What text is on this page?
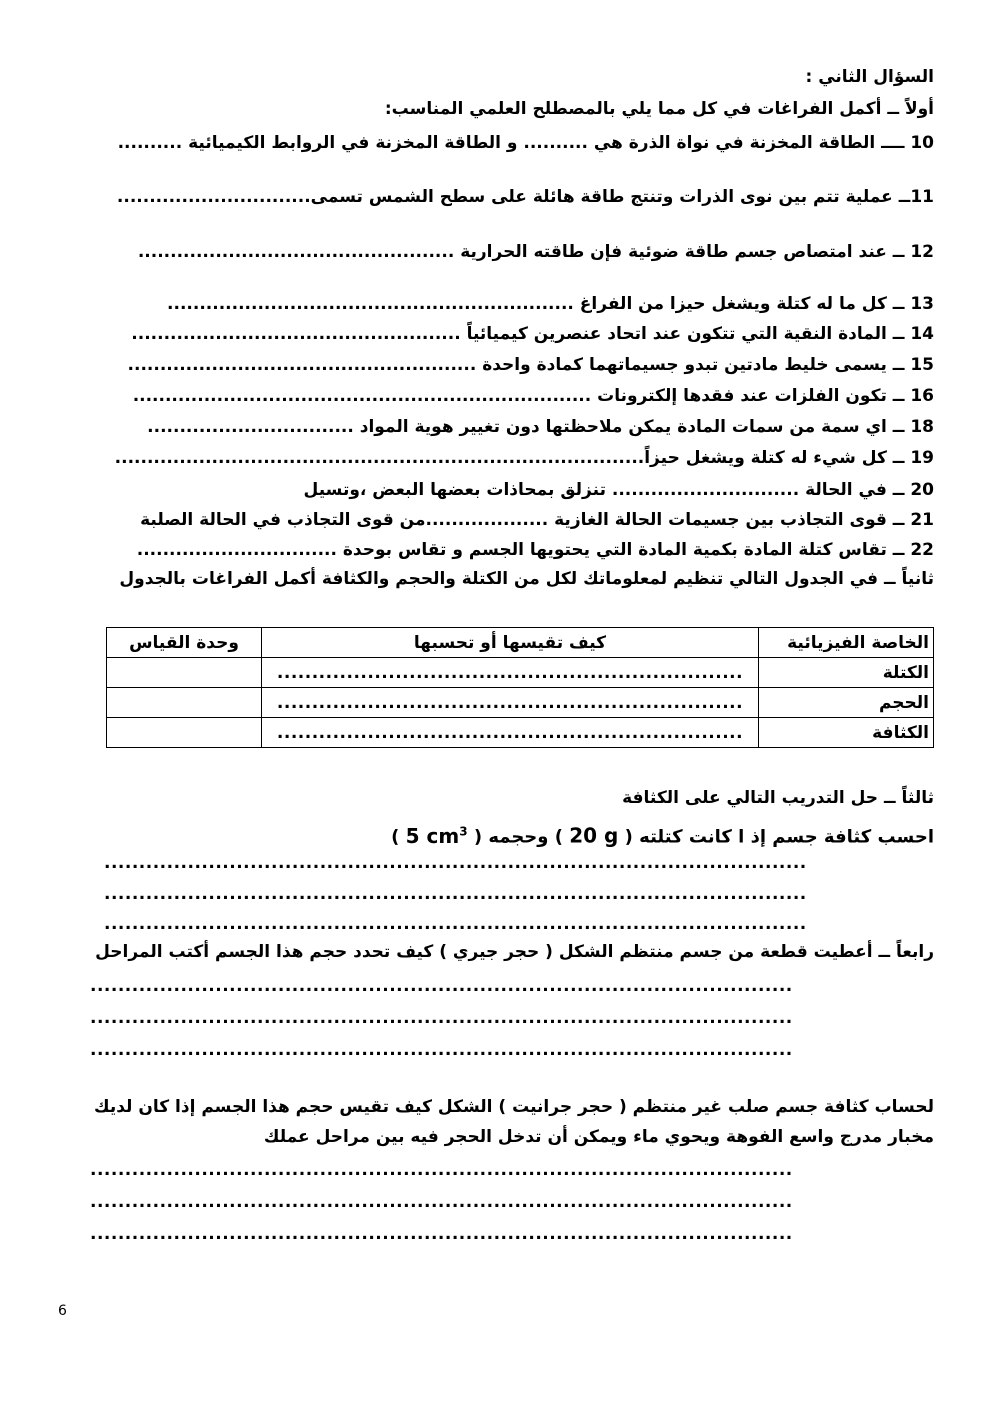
السؤال الثاني :
أولاً ــ أكمل الفراغات في كل مما يلي بالمصطلح العلمي المناسب:
10 ــــ الطاقة المخزنة في نواة الذرة هي .......... و الطاقة المخزنة في الروابط الكيميائية ..........
11ــ عملية تتم بين نوى الذرات وتنتج طاقة هائلة على سطح الشمس تسمى..............................
12 ــ عند امتصاص جسم طاقة ضوئية فإن طاقته الحرارية .................................................
13 ــ كل ما له كتلة ويشغل حيزا من الفراغ ...............................................................
14 ــ المادة النقية التي تتكون عند اتحاد عنصرين كيميائياً ...................................................
15 ــ يسمى خليط مادتين تبدو جسيماتهما كمادة واحدة ......................................................
16 ــ تكون الفلزات عند فقدها إلكترونات .......................................................................
18 ــ اي سمة من سمات المادة يمكن ملاحظتها دون تغيير هوية المواد ................................
19 ــ كل شيء له كتلة ويشغل حيزاً..................................................................................
20 ــ في الحالة ............................. تنزلق بمحاذات بعضها البعض ،وتسيل
21 ــ قوى التجاذب بين جسيمات الحالة الغازية ...................من قوى التجاذب في الحالة الصلبة
22 ــ تقاس كتلة المادة بكمية المادة التي يحتويها الجسم و تقاس بوحدة ...............................
ثانياً ــ في الجدول التالي تنظيم لمعلوماتك لكل من الكتلة والحجم والكثافة أكمل الفراغات بالجدول
الخاصة الفيزيائية	كيف تقيسها أو تحسبها	وحدة القياس
الكتلة	...................................................................	
الحجم	...................................................................	
الكثافة	...................................................................	
ثالثاً ــ حل التدريب التالي على الكثافة
احسب كثافة جسم إذ ا كانت كتلته ( 20 g ) وحجمه ( 5 $cm^3$ )
.....................................................................................................
.....................................................................................................
.....................................................................................................
رابعاً ــ أعطيت قطعة من جسم منتظم الشكل ( حجر جيري ) كيف تحدد حجم هذا الجسم أكتب المراحل
.....................................................................................................
.....................................................................................................
.....................................................................................................
لحساب كثافة جسم صلب غير منتظم ( حجر جرانيت ) الشكل كيف تقيس حجم هذا الجسم إذا كان لديك
مخبار مدرج واسع الفوهة ويحوي ماء ويمكن أن تدخل الحجر فيه بين مراحل عملك
.....................................................................................................
.....................................................................................................
.....................................................................................................
6
